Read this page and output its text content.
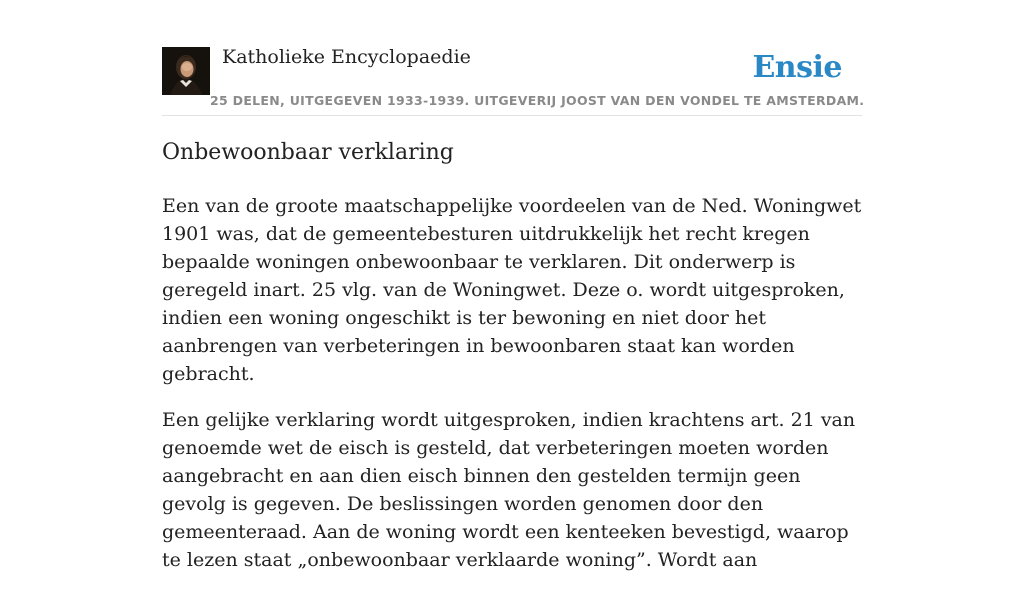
Katholieke Encyclopaedie	Ensie
25 DELEN, UITGEGEVEN 1933-1939. UITGEVERIJ JOOST VAN DEN VONDEL TE AMSTERDAM.
Onbewoonbaar verklaring

Een van de groote maatschappelijke voordeelen van de Ned. Woningwet 1901 was, dat de gemeentebesturen uitdrukkelijk het recht kregen bepaalde woningen onbewoonbaar te verklaren. Dit onderwerp is geregeld inart. 25 vlg. van de Woningwet. Deze o. wordt uitgesproken, indien een woning ongeschikt is ter bewoning en niet door het aanbrengen van verbeteringen in bewoonbaren staat kan worden gebracht.

Een gelijke verklaring wordt uitgesproken, indien krachtens art. 21 van genoemde wet de eisch is gesteld, dat verbeteringen moeten worden aangebracht en aan dien eisch binnen den gestelden termijn geen gevolg is gegeven. De beslissingen worden genomen door den gemeenteraad. Aan de woning wordt een kenteeken bevestigd, waarop te lezen staat „onbewoonbaar verklaarde woning”. Wordt aan
